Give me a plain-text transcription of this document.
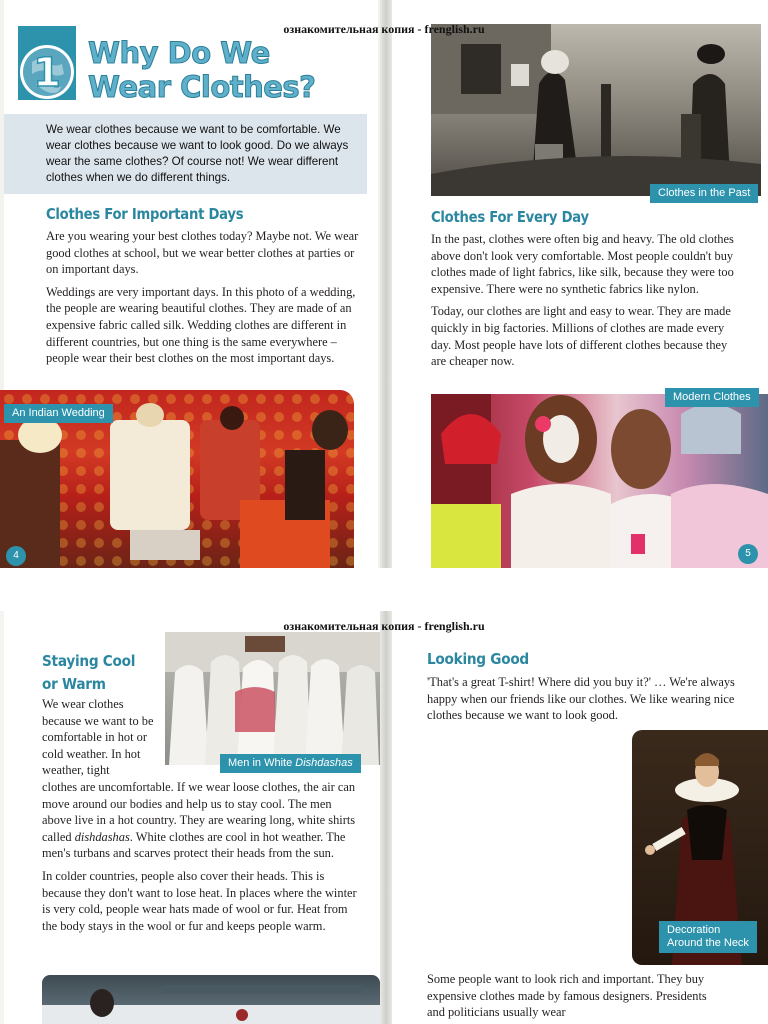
ознакомительная копия - frenglish.ru
1 Why Do We
Wear Clothes?
We wear clothes because we want to be comfortable. We wear clothes because we want to look good. Do we always wear the same clothes? Of course not! We wear different clothes when we do different things.
Clothes For Important Days

Are you wearing your best clothes today? Maybe not. We wear good clothes at school, but we wear better clothes at parties or on important days.

Weddings are very important days. In this photo of a wedding, the people are wearing beautiful clothes. They are made of an expensive fabric called silk. Wedding clothes are different in different countries, but one thing is the same everywhere – people wear their best clothes on the most important days.

An Indian Wedding
4
Clothes in the Past
Clothes For Every Day

In the past, clothes were often big and heavy. The old clothes above don't look very comfortable. Most people couldn't buy clothes made of light fabrics, like silk, because they were too expensive. There were no synthetic fabrics like nylon.

Today, our clothes are light and easy to wear. They are made quickly in big factories. Millions of clothes are made every day. Most people have lots of different clothes because they are cheaper now.

Modern Clothes
5
ознакомительная копия - frenglish.ru
Staying Cool
or Warm
Men in White Dishdashas
We wear clothes because we want to be comfortable in hot or cold weather. In hot weather, tight

clothes are uncomfortable. If we wear loose clothes, the air can move around our bodies and help us to stay cool. The men above live in a hot country. They are wearing long, white shirts called dishdashas. White clothes are cool in hot weather. The men's turbans and scarves protect their heads from the sun.

In colder countries, people also cover their heads. This is because they don't want to lose heat. In places where the winter is very cold, people wear hats made of wool or fur. Heat from the body stays in the wool or fur and keeps people warm.

Looking Good
'That's a great T-shirt! Where did you buy it?' … We're always happy when our friends like our clothes. We like wearing nice clothes because we want to look good.
Decoration
Around the Neck
Some people want to look rich and important. They buy expensive clothes made by famous designers. Presidents and politicians usually wear
